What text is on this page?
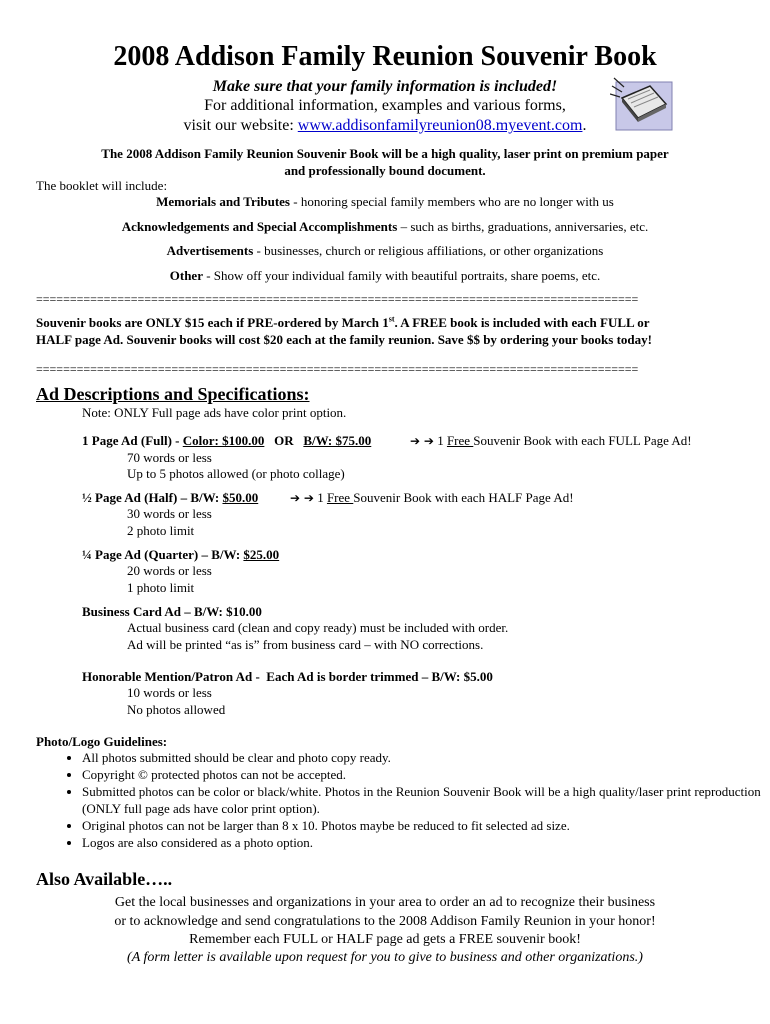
2008 Addison Family Reunion Souvenir Book
Make sure that your family information is included!
For additional information, examples and various forms,
visit our website: www.addisonfamilyreunion08.myevent.com.
The 2008 Addison Family Reunion Souvenir Book will be a high quality, laser print on premium paper
and professionally bound document.
The booklet will include:
Memorials and Tributes - honoring special family members who are no longer with us
Acknowledgements and Special Accomplishments – such as births, graduations, anniversaries, etc.
Advertisements - businesses, church or religious affiliations, or other organizations
Other - Show off your individual family with beautiful portraits, share poems, etc.
=========================================================================================
Souvenir books are ONLY $15 each if PRE-ordered by March 1st. A FREE book is included with each FULL or
HALF page Ad. Souvenir books will cost $20 each at the family reunion. Save $$ by ordering your books today!
=========================================================================================
Ad Descriptions and Specifications:
Note: ONLY Full page ads have color print option.
1 Page Ad (Full) - Color: $100.00   OR   B/W: $75.00	➔ ➔ 1 Free Souvenir Book with each FULL Page Ad!
70 words or less
Up to 5 photos allowed (or photo collage)
½ Page Ad (Half) – B/W: $50.00	➔ ➔ 1 Free Souvenir Book with each HALF Page Ad!
30 words or less
2 photo limit
¼ Page Ad (Quarter) – B/W: $25.00
20 words or less
1 photo limit
Business Card Ad – B/W: $10.00
Actual business card (clean and copy ready) must be included with order.
Ad will be printed “as is” from business card – with NO corrections.
Honorable Mention/Patron Ad -  Each Ad is border trimmed – B/W: $5.00
10 words or less
No photos allowed
Photo/Logo Guidelines:
• All photos submitted should be clear and photo copy ready.
• Copyright © protected photos can not be accepted.
• Submitted photos can be color or black/white. Photos in the Reunion Souvenir Book will be a high quality/laser print reproduction (ONLY full page ads have color print option).
• Original photos can not be larger than 8 x 10. Photos maybe be reduced to fit selected ad size.
• Logos are also considered as a photo option.
Also Available…..
Get the local businesses and organizations in your area to order an ad to recognize their business
or to acknowledge and send congratulations to the 2008 Addison Family Reunion in your honor!
Remember each FULL or HALF page ad gets a FREE souvenir book!
(A form letter is available upon request for you to give to business and other organizations.)
